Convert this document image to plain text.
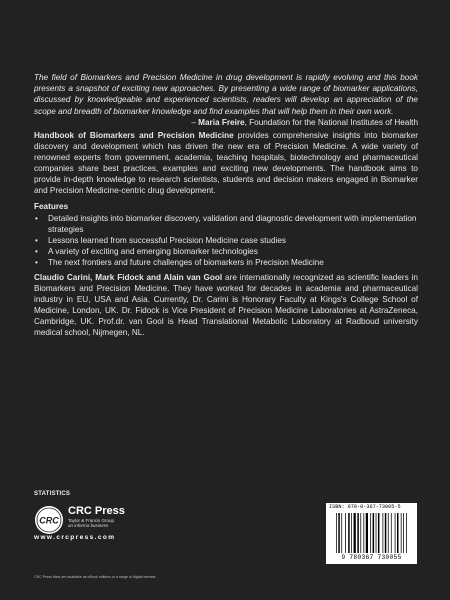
The field of Biomarkers and Precision Medicine in drug development is rapidly evolving and this book presents a snapshot of exciting new approaches. By presenting a wide range of biomarker applications, discussed by knowledgeable and experienced scientists, readers will develop an appreciation of the scope and breadth of biomarker knowledge and find examples that will help them in their own work.

– Maria Freire, Foundation for the National Institutes of Health
Handbook of Biomarkers and Precision Medicine provides comprehensive insights into biomarker discovery and development which has driven the new era of Precision Medicine. A wide variety of renowned experts from government, academia, teaching hospitals, biotechnology and pharmaceutical companies share best practices, examples and exciting new developments. The handbook aims to provide in-depth knowledge to research scientists, students and decision makers engaged in Biomarker and Precision Medicine-centric drug development.
Features
• Detailed insights into biomarker discovery, validation and diagnostic development with implementation strategies
• Lessons learned from successful Precision Medicine case studies
• A variety of exciting and emerging biomarker technologies
• The next frontiers and future challenges of biomarkers in Precision Medicine
Claudio Carini, Mark Fidock and Alain van Gool are internationally recognized as scientific leaders in Biomarkers and Precision Medicine. They have worked for decades in academia and pharmaceutical industry in EU, USA and Asia. Currently, Dr. Carini is Honorary Faculty at Kings's College School of Medicine, London, UK. Dr. Fidock is Vice President of Precision Medicine Laboratories at AstraZeneca, Cambridge, UK. Prof.dr. van Gool is Head Translational Metabolic Laboratory at Radboud university medical school, Nijmegen, NL.
STATISTICS
CRC
CRC Press
Taylor & Francis Group
an informa business
www.crcpress.com
CRC Press titles are available as eBook editions in a range of digital formats
ISBN: 978-0-367-73005-5
9 780367 730055
